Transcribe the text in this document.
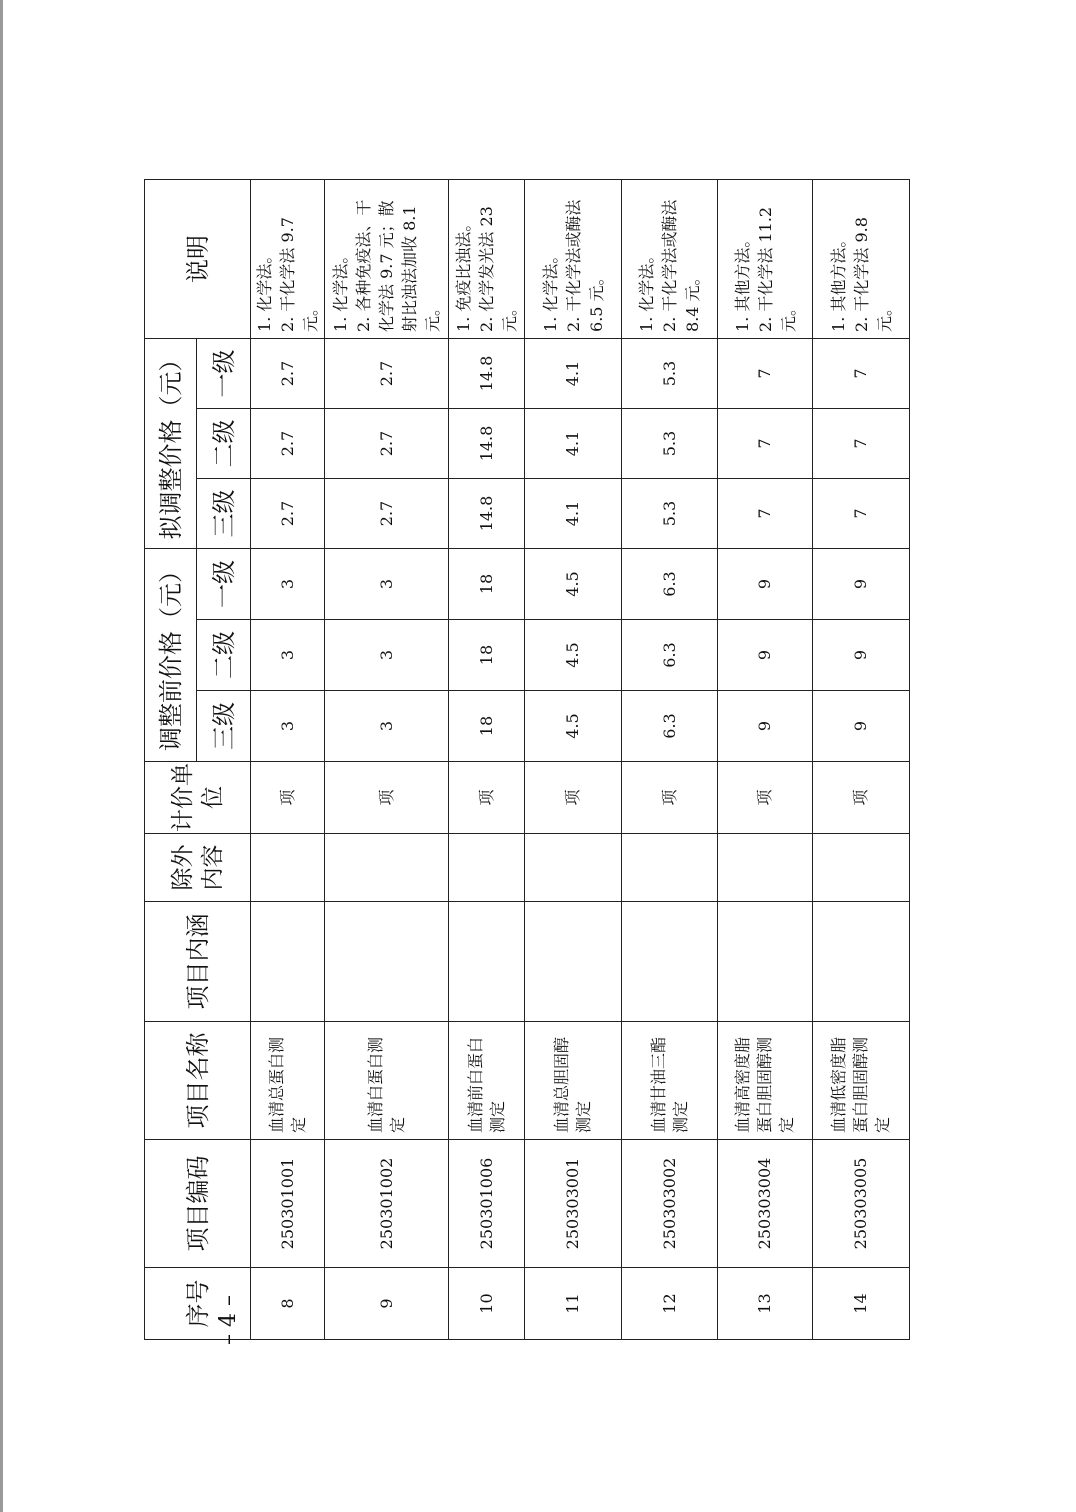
序号	项目编码	项目名称	项目内涵	除外内容	计价单位	调整前价格（元）			拟调整价格（元）			说明
						三级	二级	一级	三级	二级	一级	
8	250301001	血清总蛋白测定			项	3	3	3	2.7	2.7	2.7	1. 化学法。 2. 干化学法 9.7 元。

9	250301002	血清白蛋白测定			项	3	3	3	2.7	2.7	2.7	1. 化学法。 2. 各种免疫法、干化学法 9.7 元；散射比浊法加收 8.1 元。

10	250301006	血清前白蛋白测定			项	18	18	18	14.8	14.8	14.8	1. 免疫比浊法。 2. 化学发光法 23 元。

11	250303001	血清总胆固醇测定			项	4.5	4.5	4.5	4.1	4.1	4.1	1. 化学法。 2. 干化学法或酶法 6.5 元。

12	250303002	血清甘油三酯测定			项	6.3	6.3	6.3	5.3	5.3	5.3	1. 化学法。 2. 干化学法或酶法 8.4 元。

13	250303004	血清高密度脂蛋白胆固醇测定			项	9	9	9	7	7	7	1. 其他方法。 2. 干化学法 11.2 元。

14	250303005	血清低密度脂蛋白胆固醇测定			项	9	9	9	7	7	7	1. 其他方法。 2. 干化学法 9.8 元。
– 4 –
